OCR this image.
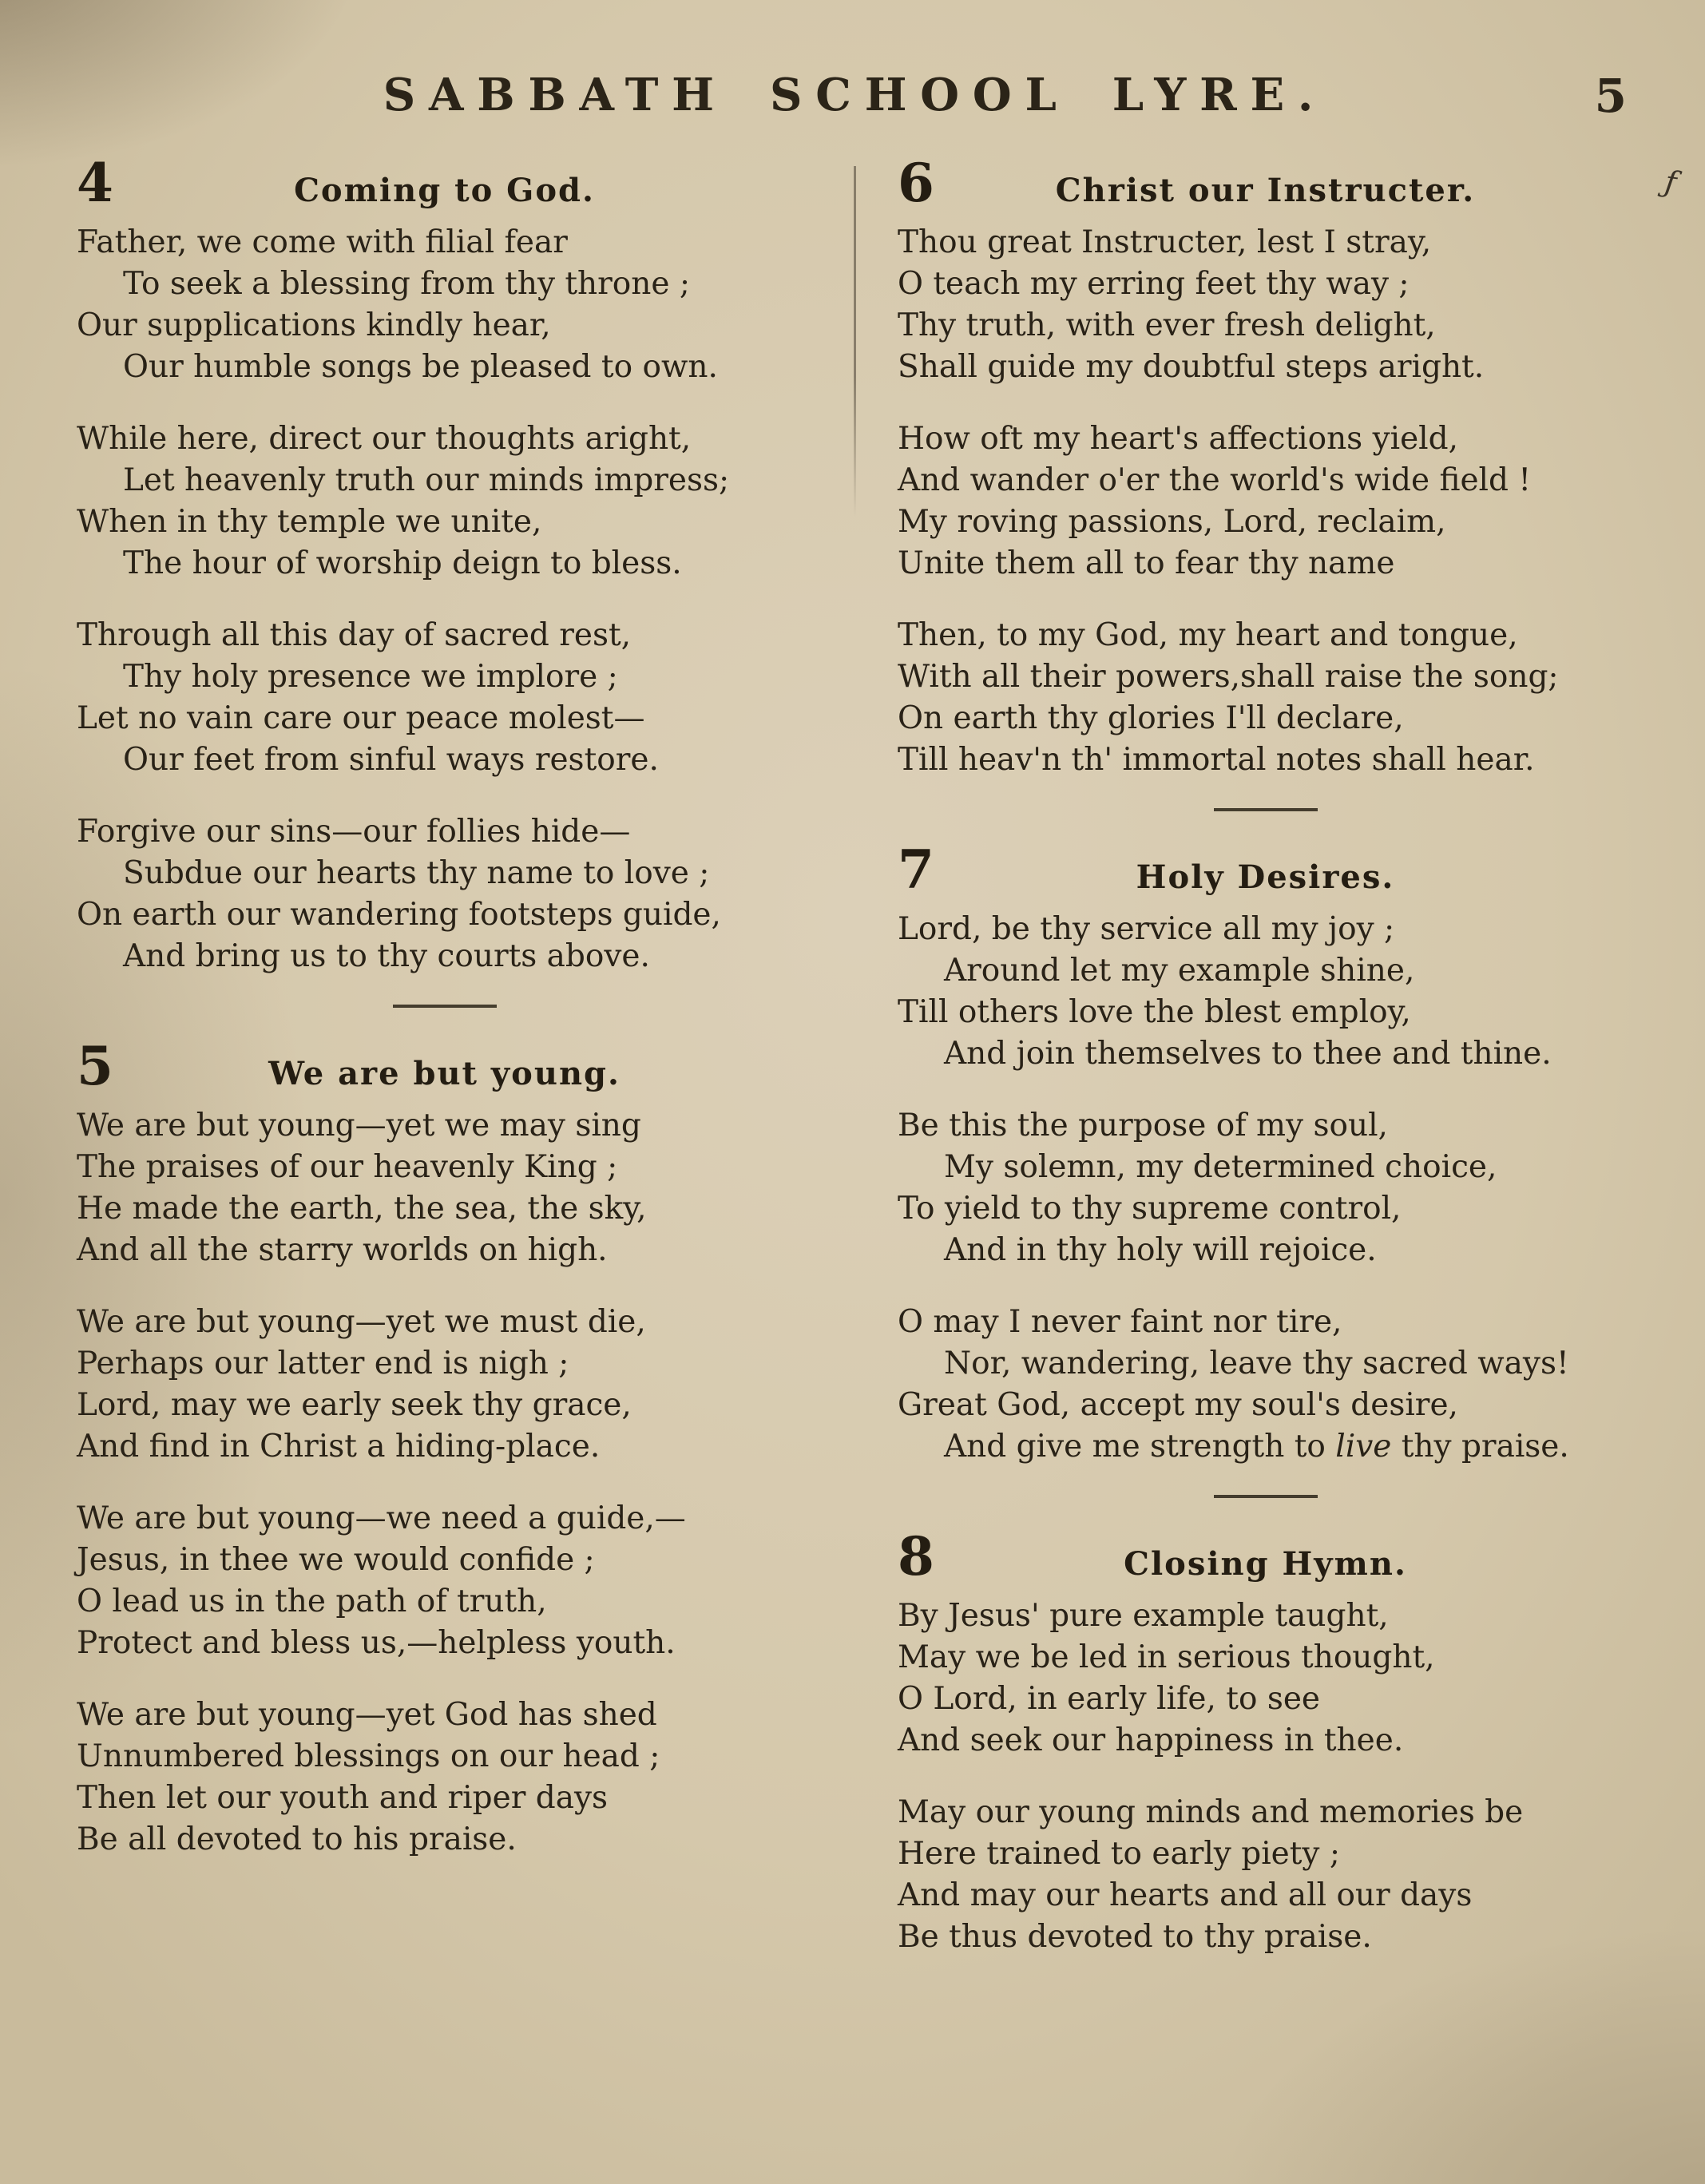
SABBATH SCHOOL LYRE.	5
4	Coming to God.
Father, we come with filial fear
To seek a blessing from thy throne ;
Our supplications kindly hear,
Our humble songs be pleased to own.
While here, direct our thoughts aright,
Let heavenly truth our minds impress;
When in thy temple we unite,
The hour of worship deign to bless.
Through all this day of sacred rest,
Thy holy presence we implore ;
Let no vain care our peace molest—
Our feet from sinful ways restore.
Forgive our sins—our follies hide—
Subdue our hearts thy name to love ;
On earth our wandering footsteps guide,
And bring us to thy courts above.
5	We are but young.
We are but young—yet we may sing
The praises of our heavenly King ;
He made the earth, the sea, the sky,
And all the starry worlds on high.
We are but young—yet we must die,
Perhaps our latter end is nigh ;
Lord, may we early seek thy grace,
And find in Christ a hiding-place.
We are but young—we need a guide,—
Jesus, in thee we would confide ;
O lead us in the path of truth,
Protect and bless us,—helpless youth.
We are but young—yet God has shed
Unnumbered blessings on our head ;
Then let our youth and riper days
Be all devoted to his praise.
6	Christ our Instructer.
Thou great Instructer, lest I stray,
O teach my erring feet thy way ;
Thy truth, with ever fresh delight,
Shall guide my doubtful steps aright.
How oft my heart's affections yield,
And wander o'er the world's wide field !
My roving passions, Lord, reclaim,
Unite them all to fear thy name
Then, to my God, my heart and tongue,
With all their powers,shall raise the song;
On earth thy glories I'll declare,
Till heav'n th' immortal notes shall hear.
7	Holy Desires.
Lord, be thy service all my joy ;
Around let my example shine,
Till others love the blest employ,
And join themselves to thee and thine.
Be this the purpose of my soul,
My solemn, my determined choice,
To yield to thy supreme control,
And in thy holy will rejoice.
O may I never faint nor tire,
Nor, wandering, leave thy sacred ways!
Great God, accept my soul's desire,
And give me strength to live thy praise.
8	Closing Hymn.
By Jesus' pure example taught,
May we be led in serious thought,
O Lord, in early life, to see
And seek our happiness in thee.
May our young minds and memories be
Here trained to early piety ;
And may our hearts and all our days
Be thus devoted to thy praise.
ƒ
